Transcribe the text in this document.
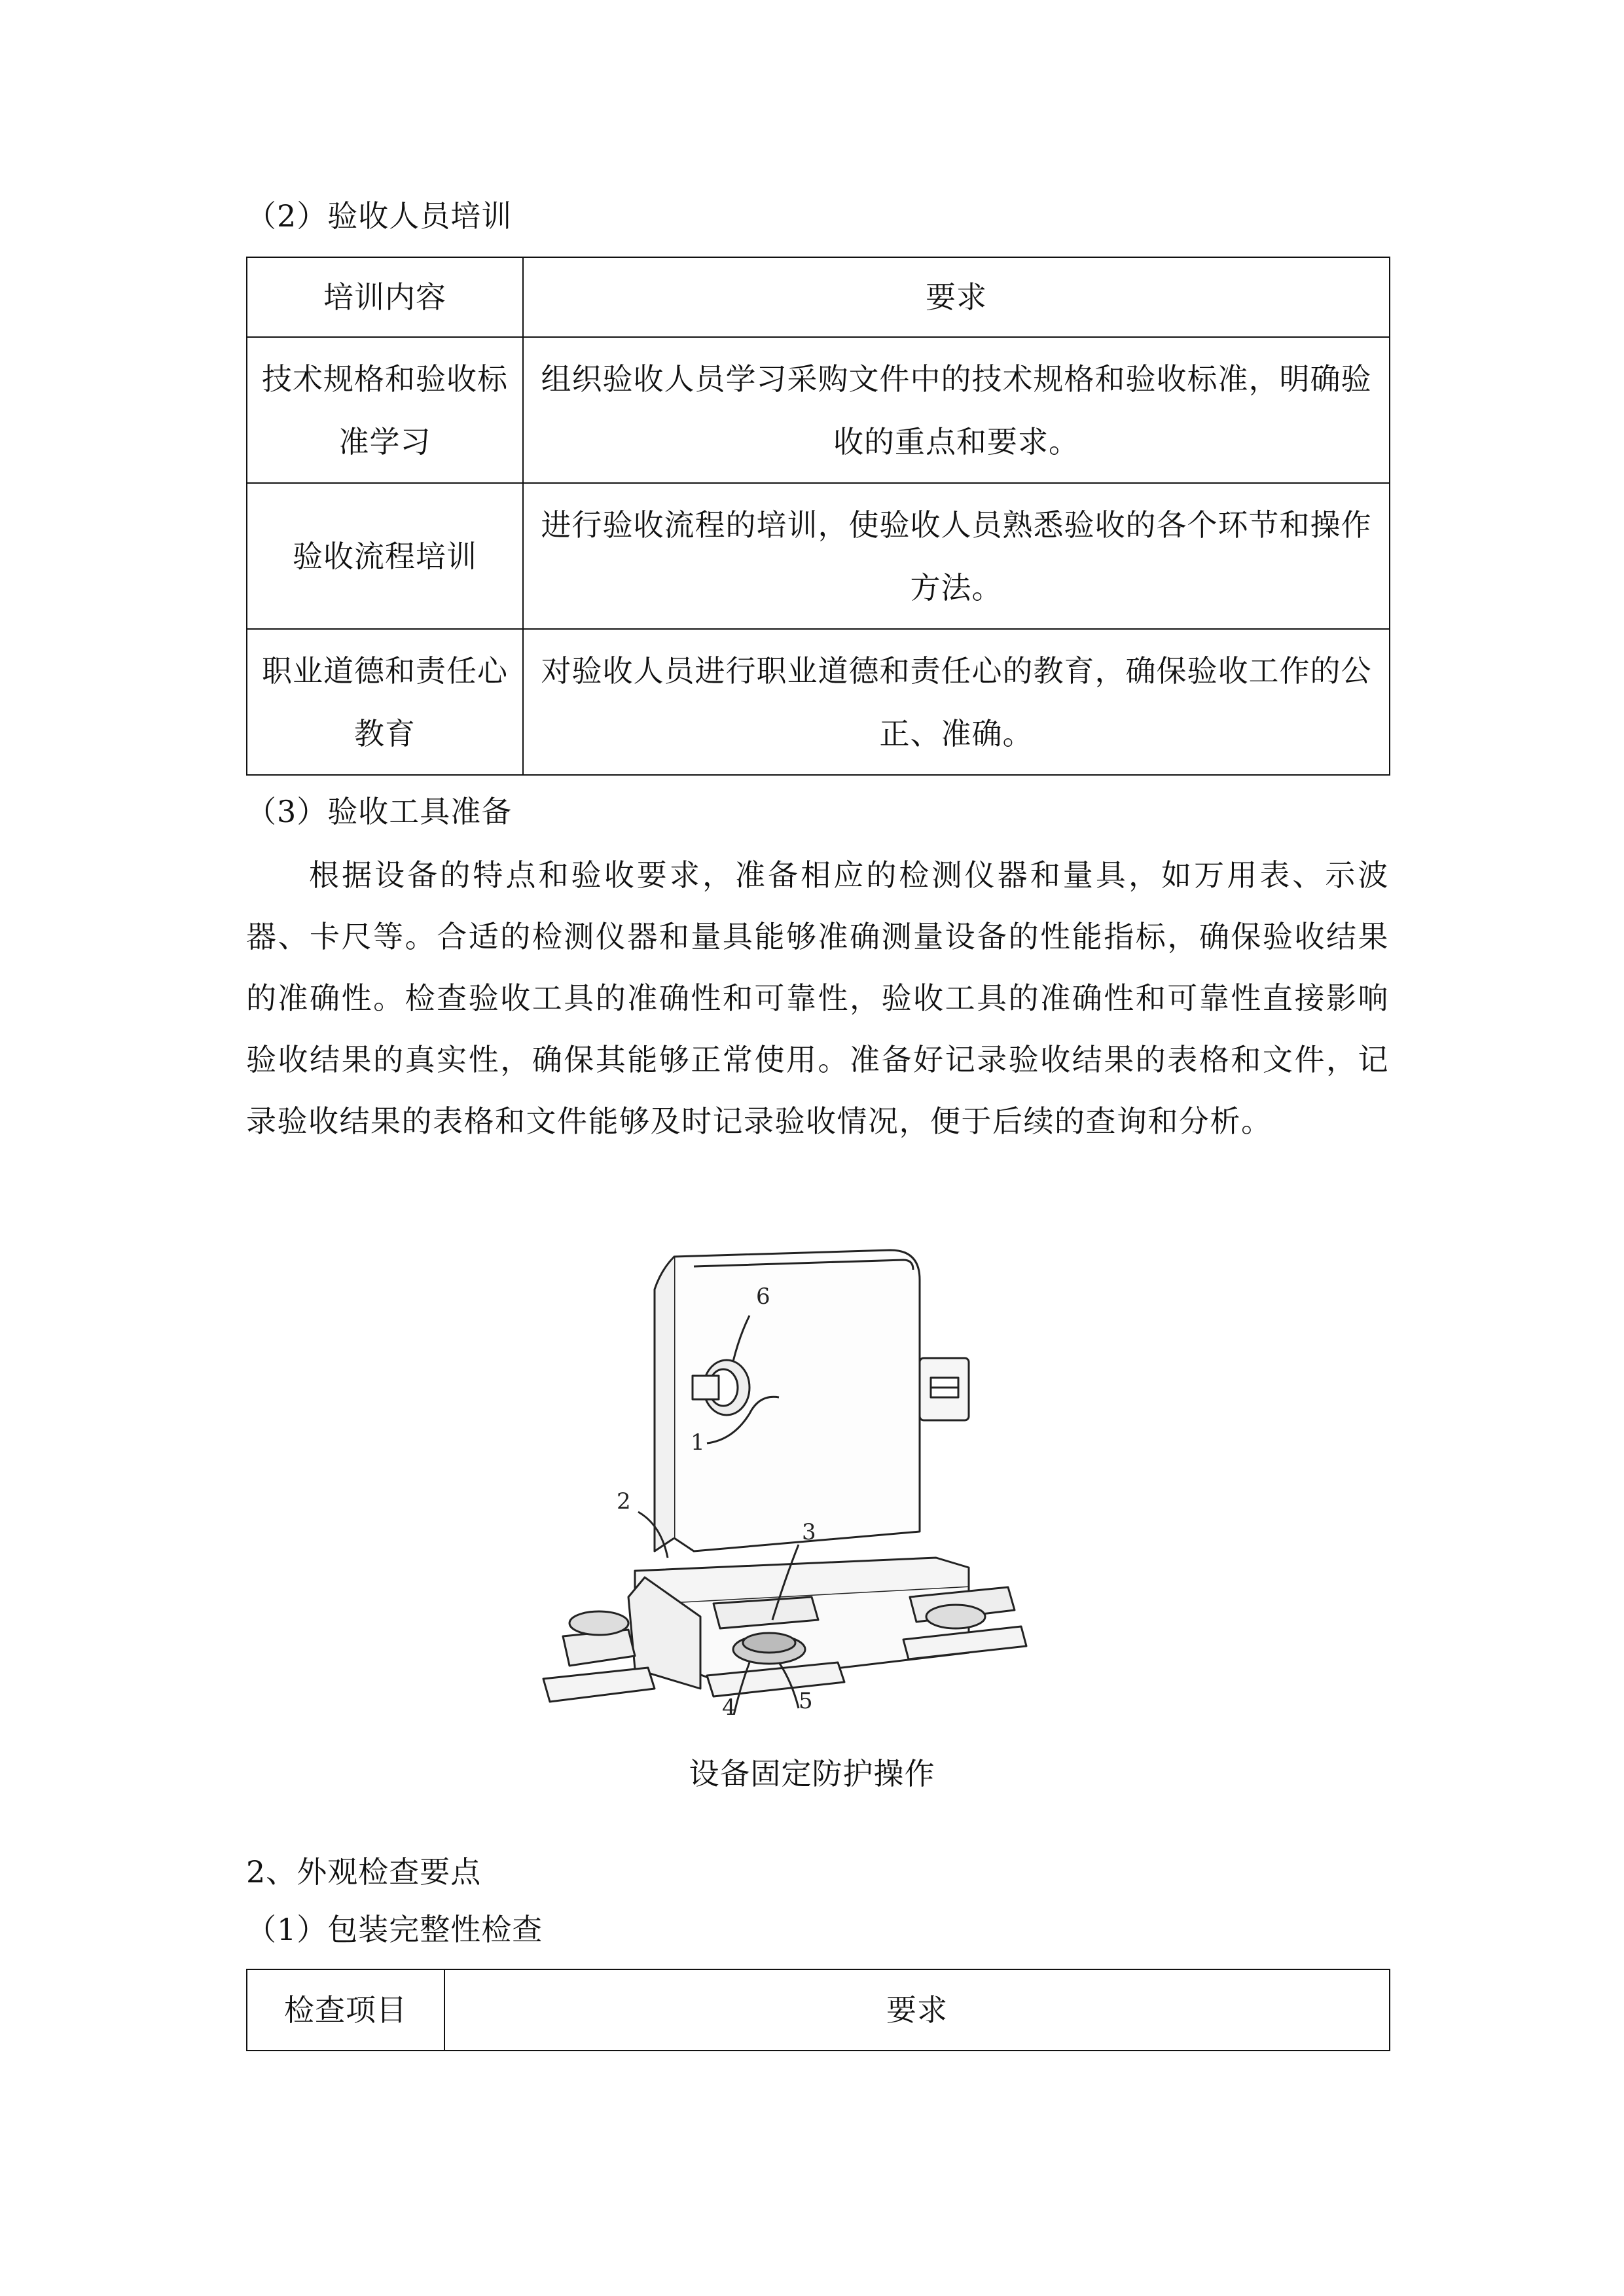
（2）验收人员培训
培训内容	要求
技术规格和验收标准学习	组织验收人员学习采购文件中的技术规格和验收标准，明确验收的重点和要求。
验收流程培训	进行验收流程的培训，使验收人员熟悉验收的各个环节和操作方法。
职业道德和责任心教育	对验收人员进行职业道德和责任心的教育，确保验收工作的公正、准确。
（3）验收工具准备
根据设备的特点和验收要求，准备相应的检测仪器和量具，如万用表、示波器、卡尺等。合适的检测仪器和量具能够准确测量设备的性能指标，确保验收结果的准确性。检查验收工具的准确性和可靠性，验收工具的准确性和可靠性直接影响验收结果的真实性，确保其能够正常使用。准备好记录验收结果的表格和文件，记录验收结果的表格和文件能够及时记录验收情况，便于后续的查询和分析。
6
1
2
3
4	5
设备固定防护操作
2、外观检查要点
（1）包装完整性检查
检查项目	要求
